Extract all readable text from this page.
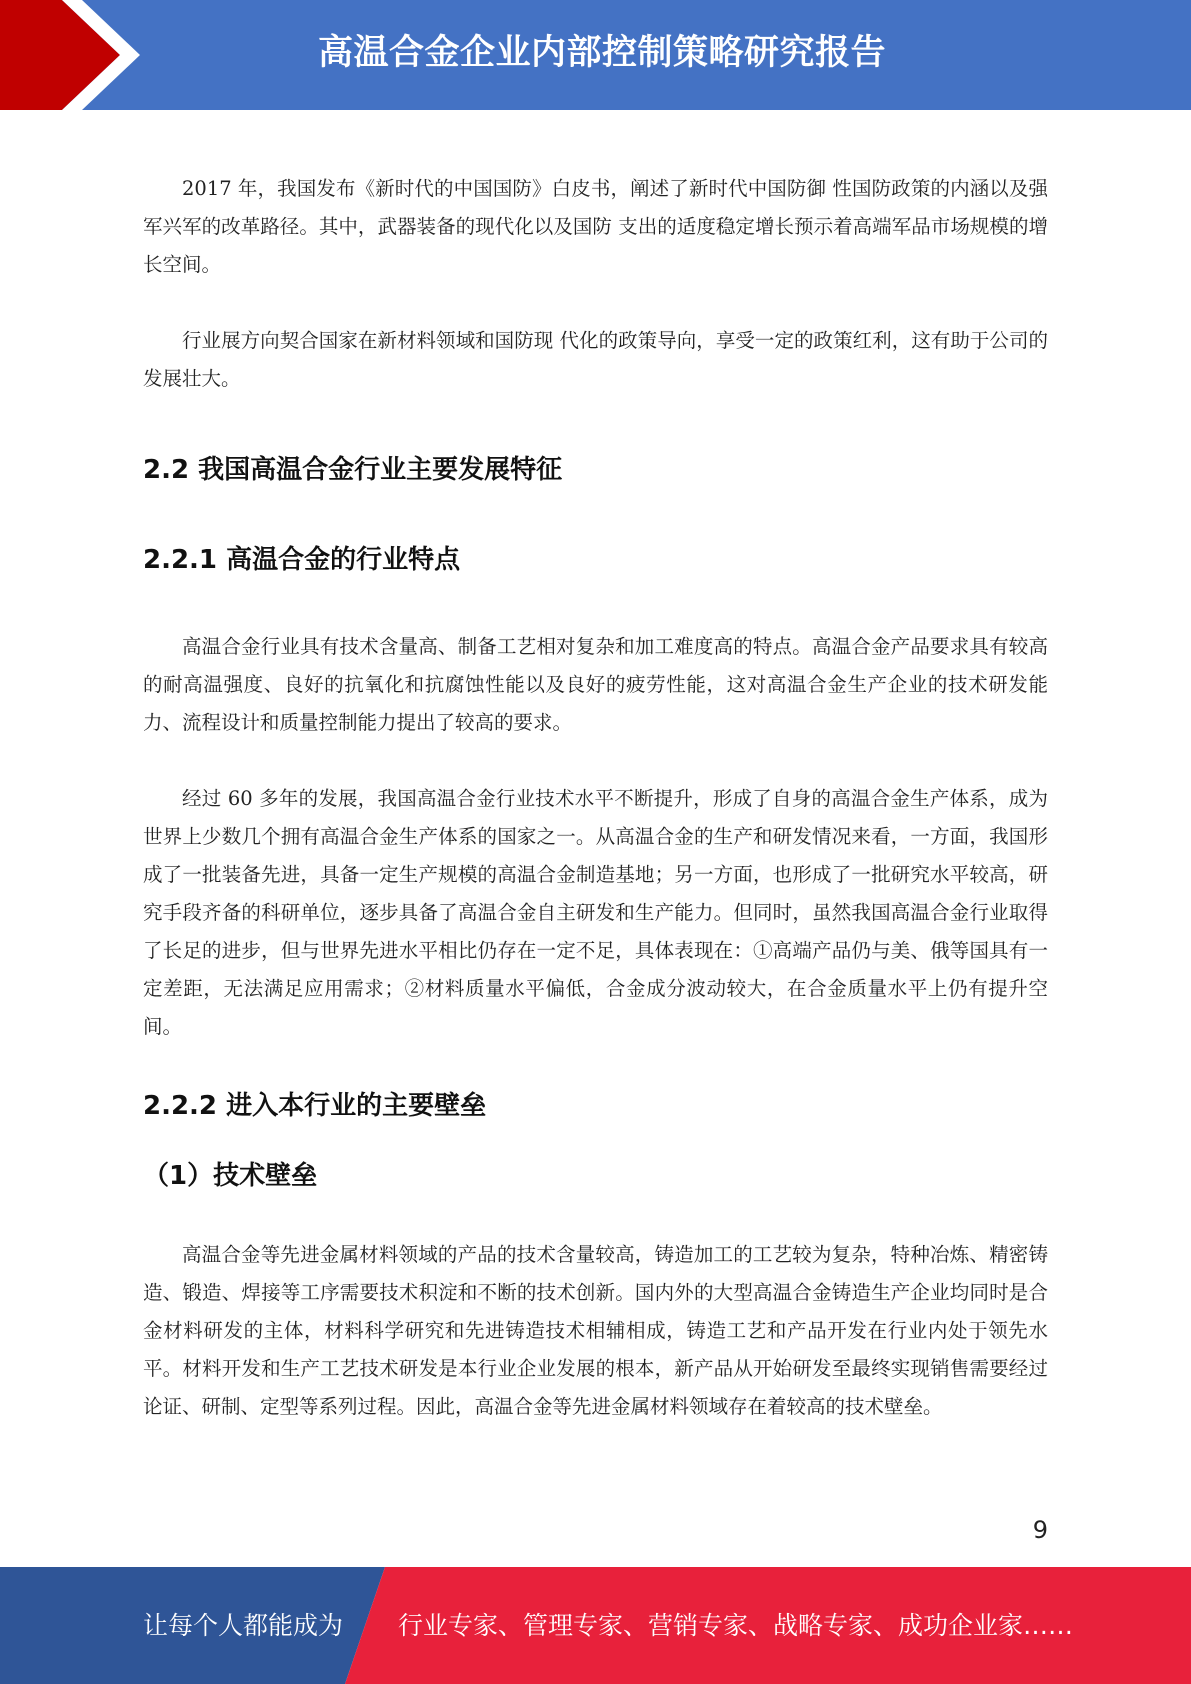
高温合金企业内部控制策略研究报告

2017 年，我国发布《新时代的中国国防》白皮书，阐述了新时代中国防御 性国防政策的内涵以及强军兴军的改革路径。其中，武器装备的现代化以及国防 支出的适度稳定增长预示着高端军品市场规模的增长空间。

行业展方向契合国家在新材料领域和国防现 代化的政策导向，享受一定的政策红利，这有助于公司的发展壮大。

2.2 我国高温合金行业主要发展特征
2.2.1 高温合金的行业特点

高温合金行业具有技术含量高、制备工艺相对复杂和加工难度高的特点。高温合金产品要求具有较高的耐高温强度、良好的抗氧化和抗腐蚀性能以及良好的疲劳性能，这对高温合金生产企业的技术研发能力、流程设计和质量控制能力提出了较高的要求。

经过 60 多年的发展，我国高温合金行业技术水平不断提升，形成了自身的高温合金生产体系，成为世界上少数几个拥有高温合金生产体系的国家之一。从高温合金的生产和研发情况来看，一方面，我国形成了一批装备先进，具备一定生产规模的高温合金制造基地；另一方面，也形成了一批研究水平较高，研究手段齐备的科研单位，逐步具备了高温合金自主研发和生产能力。但同时，虽然我国高温合金行业取得了长足的进步，但与世界先进水平相比仍存在一定不足，具体表现在：①高端产品仍与美、俄等国具有一定差距，无法满足应用需求；②材料质量水平偏低，合金成分波动较大，在合金质量水平上仍有提升空间。

2.2.2 进入本行业的主要壁垒
（1）技术壁垒

高温合金等先进金属材料领域的产品的技术含量较高，铸造加工的工艺较为复杂，特种冶炼、精密铸造、锻造、焊接等工序需要技术积淀和不断的技术创新。国内外的大型高温合金铸造生产企业均同时是合金材料研发的主体，材料科学研究和先进铸造技术相辅相成，铸造工艺和产品开发在行业内处于领先水平。材料开发和生产工艺技术研发是本行业企业发展的根本，新产品从开始研发至最终实现销售需要经过论证、研制、定型等系列过程。因此，高温合金等先进金属材料领域存在着较高的技术壁垒。

9
让每个人都能成为 行业专家、管理专家、营销专家、战略专家、成功企业家……
